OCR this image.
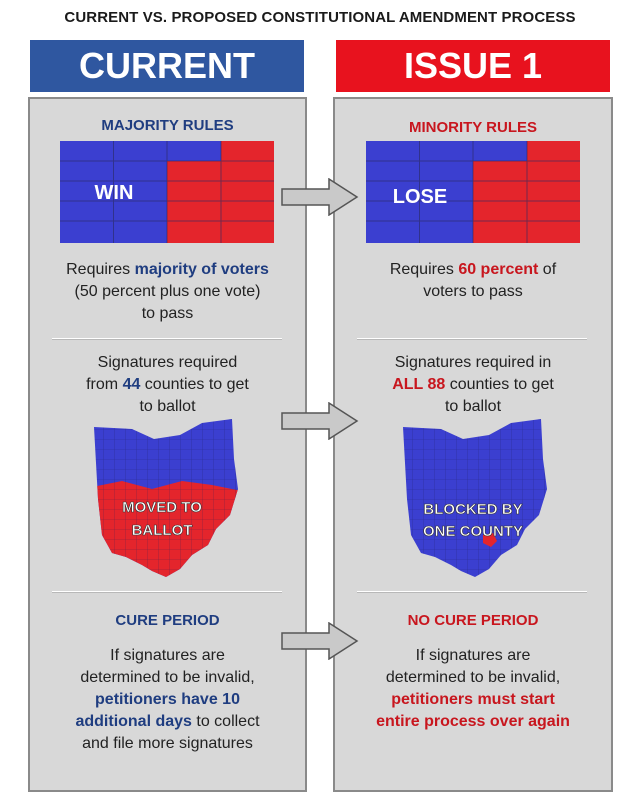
CURRENT VS. PROPOSED CONSTITUTIONAL AMENDMENT PROCESS
CURRENT	ISSUE 1
MAJORITY RULES
WIN
Requires majority of voters
(50 percent plus one vote)
to pass
Signatures required
from 44 counties to get
to ballot
MOVED TO
BALLOT
CURE PERIOD
If signatures are
determined to be invalid,
petitioners have 10
additional days to collect
and file more signatures
MINORITY RULES
LOSE
Requires 60 percent of
voters to pass
Signatures required in
ALL 88 counties to get
to ballot
BLOCKED BY
ONE COUNTY
NO CURE PERIOD
If signatures are
determined to be invalid,
petitioners must start
entire process over again
